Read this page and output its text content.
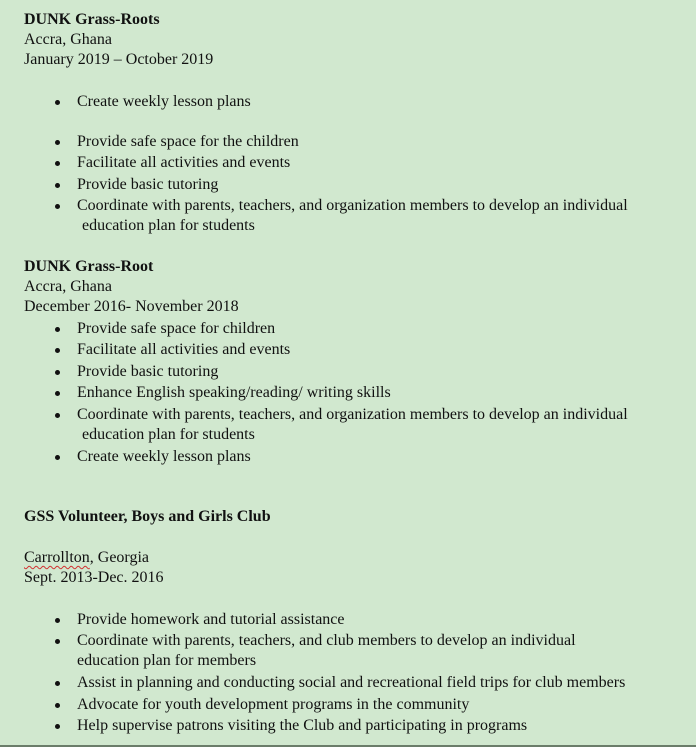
DUNK Grass-Roots
Accra, Ghana
January 2019 – October 2019
Create weekly lesson plans
Provide safe space for the children
Facilitate all activities and events
Provide basic tutoring
Coordinate with parents, teachers, and organization members to develop an individual
education plan for students
DUNK Grass-Root
Accra, Ghana
December 2016- November 2018
Provide safe space for children
Facilitate all activities and events
Provide basic tutoring
Enhance English speaking/reading/ writing skills
Coordinate with parents, teachers, and organization members to develop an individual
education plan for students
Create weekly lesson plans
GSS Volunteer, Boys and Girls Club
Carrollton, Georgia
Sept. 2013-Dec. 2016
Provide homework and tutorial assistance
Coordinate with parents, teachers, and club members to develop an individual
education plan for members
Assist in planning and conducting social and recreational field trips for club members
Advocate for youth development programs in the community
Help supervise patrons visiting the Club and participating in programs
